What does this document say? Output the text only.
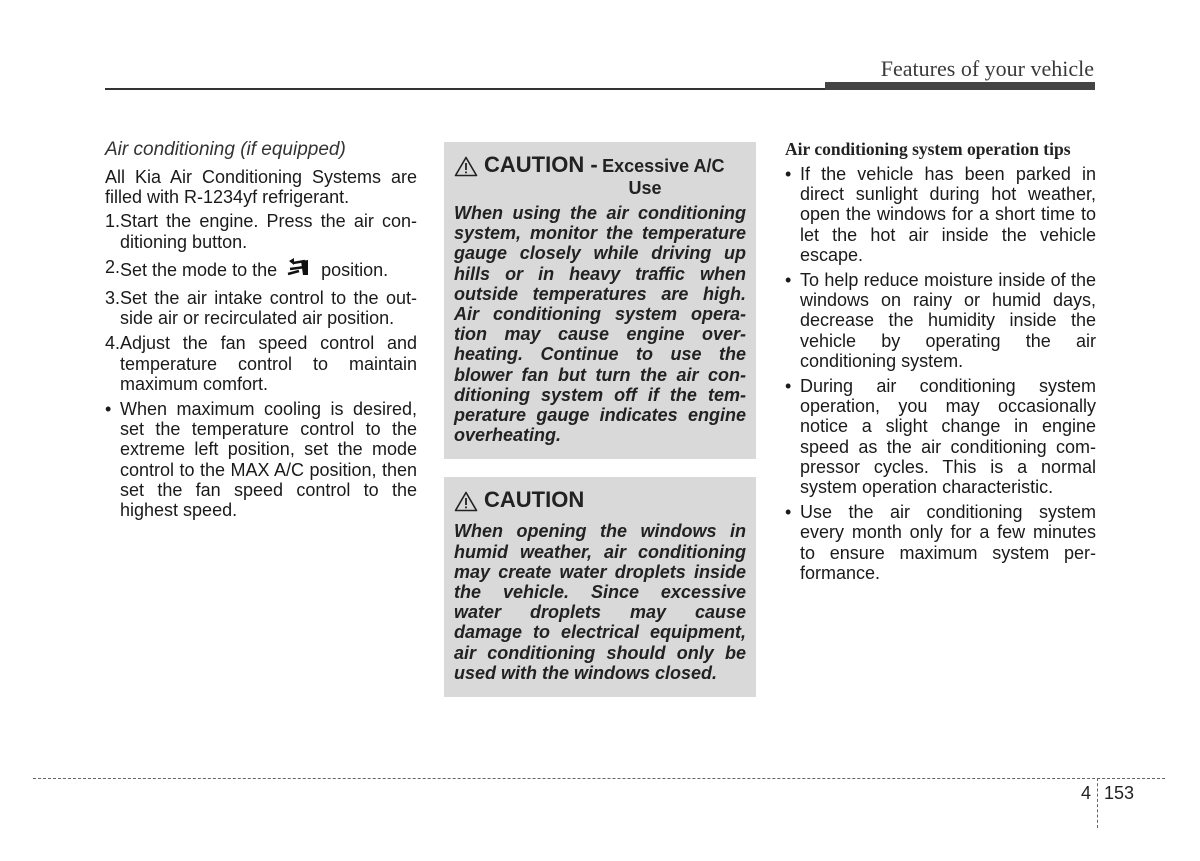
Features of your vehicle
Air conditioning (if equipped)

All Kia Air Conditioning Systems are filled with R-1234yf refrigerant.

1. Start the engine. Press the air conditioning button.
2. Set the mode to the position.
3. Set the air intake control to the outside air or recirculated air position.
4. Adjust the fan speed control and temperature control to maintain maximum comfort.
• When maximum cooling is desired, set the temperature control to the extreme left position, set the mode control to the MAX A/C position, then set the fan speed control to the highest speed.
CAUTION - Excessive A/C
Use
When using the air conditioning system, monitor the temperature gauge closely while driving up hills or in heavy traffic when outside temperatures are high. Air conditioning system operation may cause engine overheating. Continue to use the blower fan but turn the air conditioning system off if the temperature gauge indicates engine overheating.
CAUTION
When opening the windows in humid weather, air conditioning may create water droplets inside the vehicle. Since excessive water droplets may cause damage to electrical equipment, air conditioning should only be used with the windows closed.
Air conditioning system operation tips
• If the vehicle has been parked in direct sunlight during hot weather, open the windows for a short time to let the hot air inside the vehicle escape.
• To help reduce moisture inside of the windows on rainy or humid days, decrease the humidity inside the vehicle by operating the air conditioning system.
• During air conditioning system operation, you may occasionally notice a slight change in engine speed as the air conditioning compressor cycles. This is a normal system operation characteristic.
• Use the air conditioning system every month only for a few minutes to ensure maximum system performance.
4 153
